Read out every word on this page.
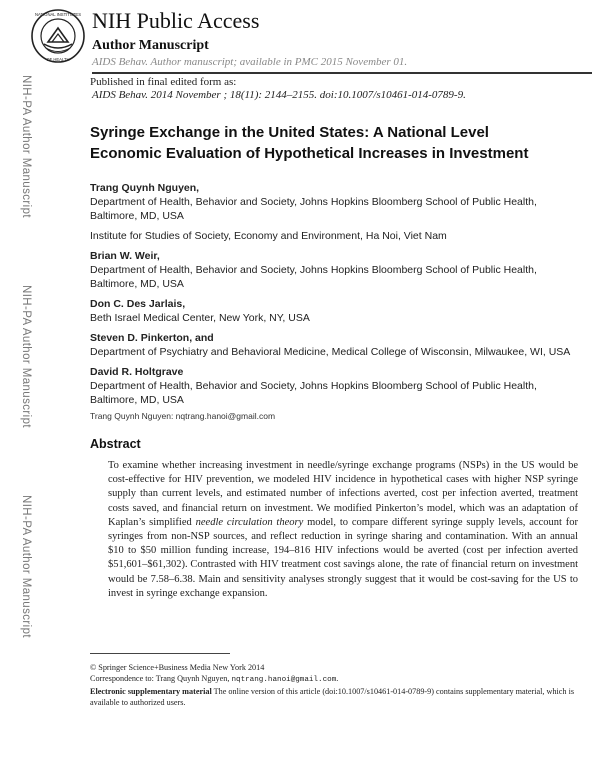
NIH-PA Author Manuscript
NIH-PA Author Manuscript
NIH-PA Author Manuscript
NATIONAL INSTITUTES
OF HEALTH
NIH Public Access
Author Manuscript
AIDS Behav. Author manuscript; available in PMC 2015 November 01.
Published in final edited form as:
AIDS Behav. 2014 November ; 18(11): 2144–2155. doi:10.1007/s10461-014-0789-9.
Syringe Exchange in the United States: A National Level Economic Evaluation of Hypothetical Increases in Investment
Trang Quynh Nguyen,
Department of Health, Behavior and Society, Johns Hopkins Bloomberg School of Public Health, Baltimore, MD, USA
Institute for Studies of Society, Economy and Environment, Ha Noi, Viet Nam
Brian W. Weir,
Department of Health, Behavior and Society, Johns Hopkins Bloomberg School of Public Health, Baltimore, MD, USA
Don C. Des Jarlais,
Beth Israel Medical Center, New York, NY, USA
Steven D. Pinkerton, and
Department of Psychiatry and Behavioral Medicine, Medical College of Wisconsin, Milwaukee, WI, USA
David R. Holtgrave
Department of Health, Behavior and Society, Johns Hopkins Bloomberg School of Public Health, Baltimore, MD, USA
Trang Quynh Nguyen: nqtrang.hanoi@gmail.com
Abstract
To examine whether increasing investment in needle/syringe exchange programs (NSPs) in the US would be cost-effective for HIV prevention, we modeled HIV incidence in hypothetical cases with higher NSP syringe supply than current levels, and estimated number of infections averted, cost per infection averted, treatment costs saved, and financial return on investment. We modified Pinkerton’s model, which was an adaptation of Kaplan’s simplified needle circulation theory model, to compare different syringe supply levels, account for syringes from non-NSP sources, and reflect reduction in syringe sharing and contamination. With an annual $10 to $50 million funding increase, 194–816 HIV infections would be averted (cost per infection averted $51,601–$61,302). Contrasted with HIV treatment cost savings alone, the rate of financial return on investment would be 7.58–6.38. Main and sensitivity analyses strongly suggest that it would be cost-saving for the US to invest in syringe exchange expansion.
© Springer Science+Business Media New York 2014
Correspondence to: Trang Quynh Nguyen, nqtrang.hanoi@gmail.com.
Electronic supplementary material The online version of this article (doi:10.1007/s10461-014-0789-9) contains supplementary material, which is available to authorized users.
